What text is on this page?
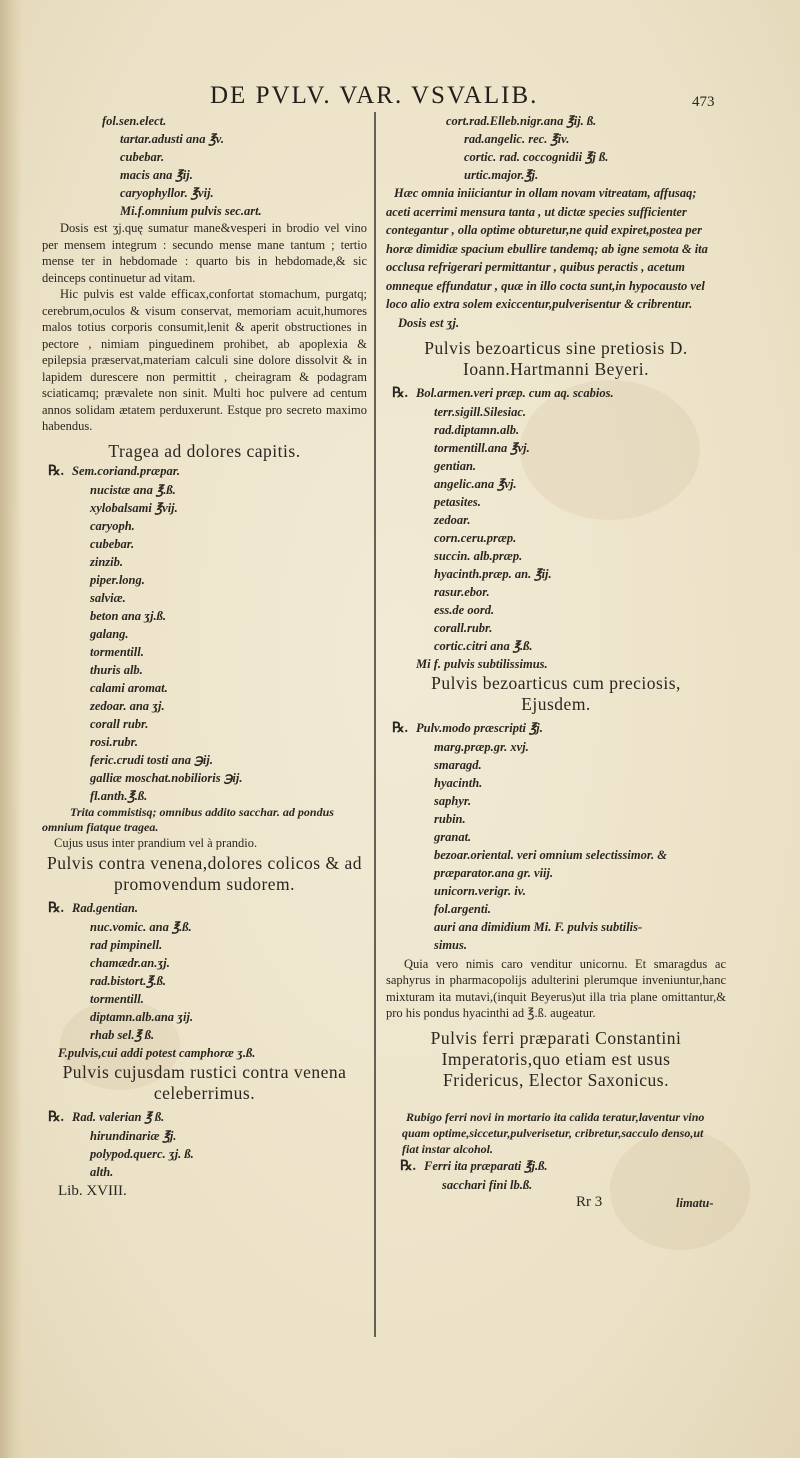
DE PVLV. VAR. VSVALIB.	473
fol.sen.elect.
tartar.adusti ana ℥v.
cubebar.
macis ana ℥ij.
caryophyllor. ℥vij.
Mi.f.omnium pulvis sec.art.
Dosis est ʒj.quę sumatur mane&vesperi in brodio vel vino per mensem integrum : secundo mense mane tantum ; tertio mense ter in hebdomade : quarto bis in hebdomade,& sic deinceps continuetur ad vitam.
Hic pulvis est valde efficax,confortat stomachum, purgatq; cerebrum,oculos & visum conservat, memoriam acuit,humores malos totius corporis consumit,lenit & aperit obstructiones in pectore , nimiam pinguedinem prohibet, ab apoplexia & epilepsia præservat,materiam calculi sine dolore dissolvit & in lapidem durescere non permittit , cheiragram & podagram sciaticamq; prævalete non sinit. Multi hoc pulvere ad centum annos solidam ætatem perduxerunt. Estque pro secreto maximo habendus.
Tragea ad dolores capitis.
℞. Sem.coriand.præpar.
nucistæ ana ℥.ß.
xylobalsami ℥vij.
caryoph.
cubebar.
zinzib.
piper.long.
salviæ.
beton ana ʒj.ß.
galang.
tormentill.
thuris alb.
calami aromat.
zedoar. ana ʒj.
corall rubr.
rosi.rubr.
feric.crudi tosti ana ℈ij.
galliæ moschat.nobilioris ℈ij.
fl.anth.℥.ß.
Trita commistisq; omnibus addito sacchar. ad pondus omnium fiatque tragea.
Cujus usus inter prandium vel à prandio.
Pulvis contra venena,dolores colicos & ad promovendum sudorem.
℞. Rad.gentian.
nuc.vomic. ana ℥.ß.
rad pimpinell.
chamædr.an.ʒj.
rad.bistort.℥.ß.
tormentill.
diptamn.alb.ana ʒij.
rhab sel.℥ ß.
F.pulvis,cui addi potest camphoræ ʒ.ß.
Pulvis cujusdam rustici contra venena celeberrimus.
℞. Rad. valerian ℥ ß.
hirundinariæ ℥j.
polypod.querc. ʒj. ß.
alth.
Lib. XVIII.
cort.rad.Elleb.nigr.ana ℥ij. ß.
rad.angelic. rec. ℥iv.
cortic. rad. coccognidii ℥j ß.
urtic.major.℥j.
Hæc omnia iniiciantur in ollam novam vitreatam, affusaq; aceti acerrimi mensura tanta , ut dictæ species sufficienter contegantur , olla optime obturetur,ne quid expiret,postea per horæ dimidiæ spacium ebullire tandemq; ab igne semota & ita occlusa refrigerari permittantur , quibus peractis , acetum omneque effundatur , quæ in illo cocta sunt,in hypocausto vel loco alio extra solem exiccentur,pulverisentur & cribrentur.
Dosis est ʒj.
Pulvis bezoarticus sine pretiosis D. Ioann.Hartmanni Beyeri.
℞. Bol.armen.veri præp. cum aq. scabios.
terr.sigill.Silesiac.
rad.diptamn.alb.
tormentill.ana ℥vj.
gentian.
angelic.ana ℥vj.
petasites.
zedoar.
corn.ceru.præp.
succin. alb.præp.
hyacinth.præp. an. ℥ij.
rasur.ebor.
ess.de oord.
corall.rubr.
cortic.citri ana ℥.ß.
Mi f. pulvis subtilissimus.
Pulvis bezoarticus cum preciosis, Ejusdem.
℞. Pulv.modo præscripti ℥j.
marg.præp.gr. xvj.
smaragd.
hyacinth.
saphyr.
rubin.
granat.
bezoar.oriental. veri omnium selectissimor. &
præparator.ana gr. viij.
unicorn.verigr. iv.
fol.argenti.
auri ana dimidium Mi. F. pulvis subtilis-
simus.
Quia vero nimis caro venditur unicornu. Et smaragdus ac saphyrus in pharmacopolijs adulterini plerumque inveniuntur,hanc mixturam ita mutavi,(inquit Beyerus)ut illa tria plane omittantur,& pro his pondus hyacinthi ad ℥.ß. augeatur.
Pulvis ferri præparati Constantini Imperatoris,quo etiam est usus Fridericus, Elector Saxonicus.
Rubigo ferri novi in mortario ita calida teratur,laventur vino quam optime,siccetur,pulverisetur, cribretur,sacculo denso,ut fiat instar alcohol.
℞. Ferri ita præparati ℥j.ß.
sacchari fini lb.ß.
Rr 3	limatu-
